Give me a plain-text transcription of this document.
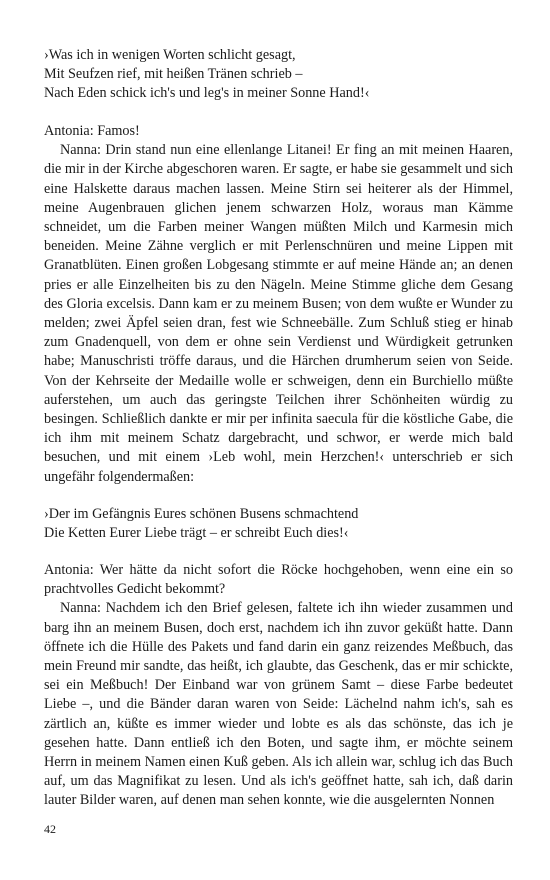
›Was ich in wenigen Worten schlicht gesagt,
Mit Seufzen rief, mit heißen Tränen schrieb –
Nach Eden schick ich's und leg's in meiner Sonne Hand!‹

Antonia: Famos!

Nanna: Drin stand nun eine ellenlange Litanei! Er fing an mit meinen Haaren, die mir in der Kirche abgeschoren waren. Er sagte, er habe sie gesammelt und sich eine Halskette daraus machen lassen. Meine Stirn sei heiterer als der Himmel, meine Augenbrauen glichen jenem schwarzen Holz, woraus man Kämme schneidet, um die Farben meiner Wangen müßten Milch und Karmesin mich beneiden. Meine Zähne verglich er mit Perlenschnüren und meine Lippen mit Granatblüten. Einen großen Lobgesang stimmte er auf meine Hände an; an denen pries er alle Einzelheiten bis zu den Nägeln. Meine Stimme gliche dem Gesang des Gloria excelsis. Dann kam er zu meinem Busen; von dem wußte er Wunder zu melden; zwei Äpfel seien dran, fest wie Schneebälle. Zum Schluß stieg er hinab zum Gnadenquell, von dem er ohne sein Verdienst und Würdigkeit getrunken habe; Manuschristi tröffe daraus, und die Härchen drumherum seien von Seide. Von der Kehrseite der Medaille wolle er schweigen, denn ein Burchiello müßte auferstehen, um auch das geringste Teilchen ihrer Schönheiten würdig zu besingen. Schließlich dankte er mir per infinita saecula für die köstliche Gabe, die ich ihm mit meinem Schatz dargebracht, und schwor, er werde mich bald besuchen, und mit einem ›Leb wohl, mein Herzchen!‹ unterschrieb er sich ungefähr folgendermaßen:

›Der im Gefängnis Eures schönen Busens schmachtend
Die Ketten Eurer Liebe trägt – er schreibt Euch dies!‹

Antonia: Wer hätte da nicht sofort die Röcke hochgehoben, wenn eine ein so prachtvolles Gedicht bekommt?

Nanna: Nachdem ich den Brief gelesen, faltete ich ihn wieder zusammen und barg ihn an meinem Busen, doch erst, nachdem ich ihn zuvor geküßt hatte. Dann öffnete ich die Hülle des Pakets und fand darin ein ganz reizendes Meßbuch, das mein Freund mir sandte, das heißt, ich glaubte, das Geschenk, das er mir schickte, sei ein Meßbuch! Der Einband war von grünem Samt – diese Farbe bedeutet Liebe –, und die Bänder daran waren von Seide: Lächelnd nahm ich's, sah es zärtlich an, küßte es immer wieder und lobte es als das schönste, das ich je gesehen hatte. Dann entließ ich den Boten, und sagte ihm, er möchte seinem Herrn in meinem Namen einen Kuß geben. Als ich allein war, schlug ich das Buch auf, um das Magnifikat zu lesen. Und als ich's geöffnet hatte, sah ich, daß darin lauter Bilder waren, auf denen man sehen konnte, wie die ausgelernten Nonnen

42
